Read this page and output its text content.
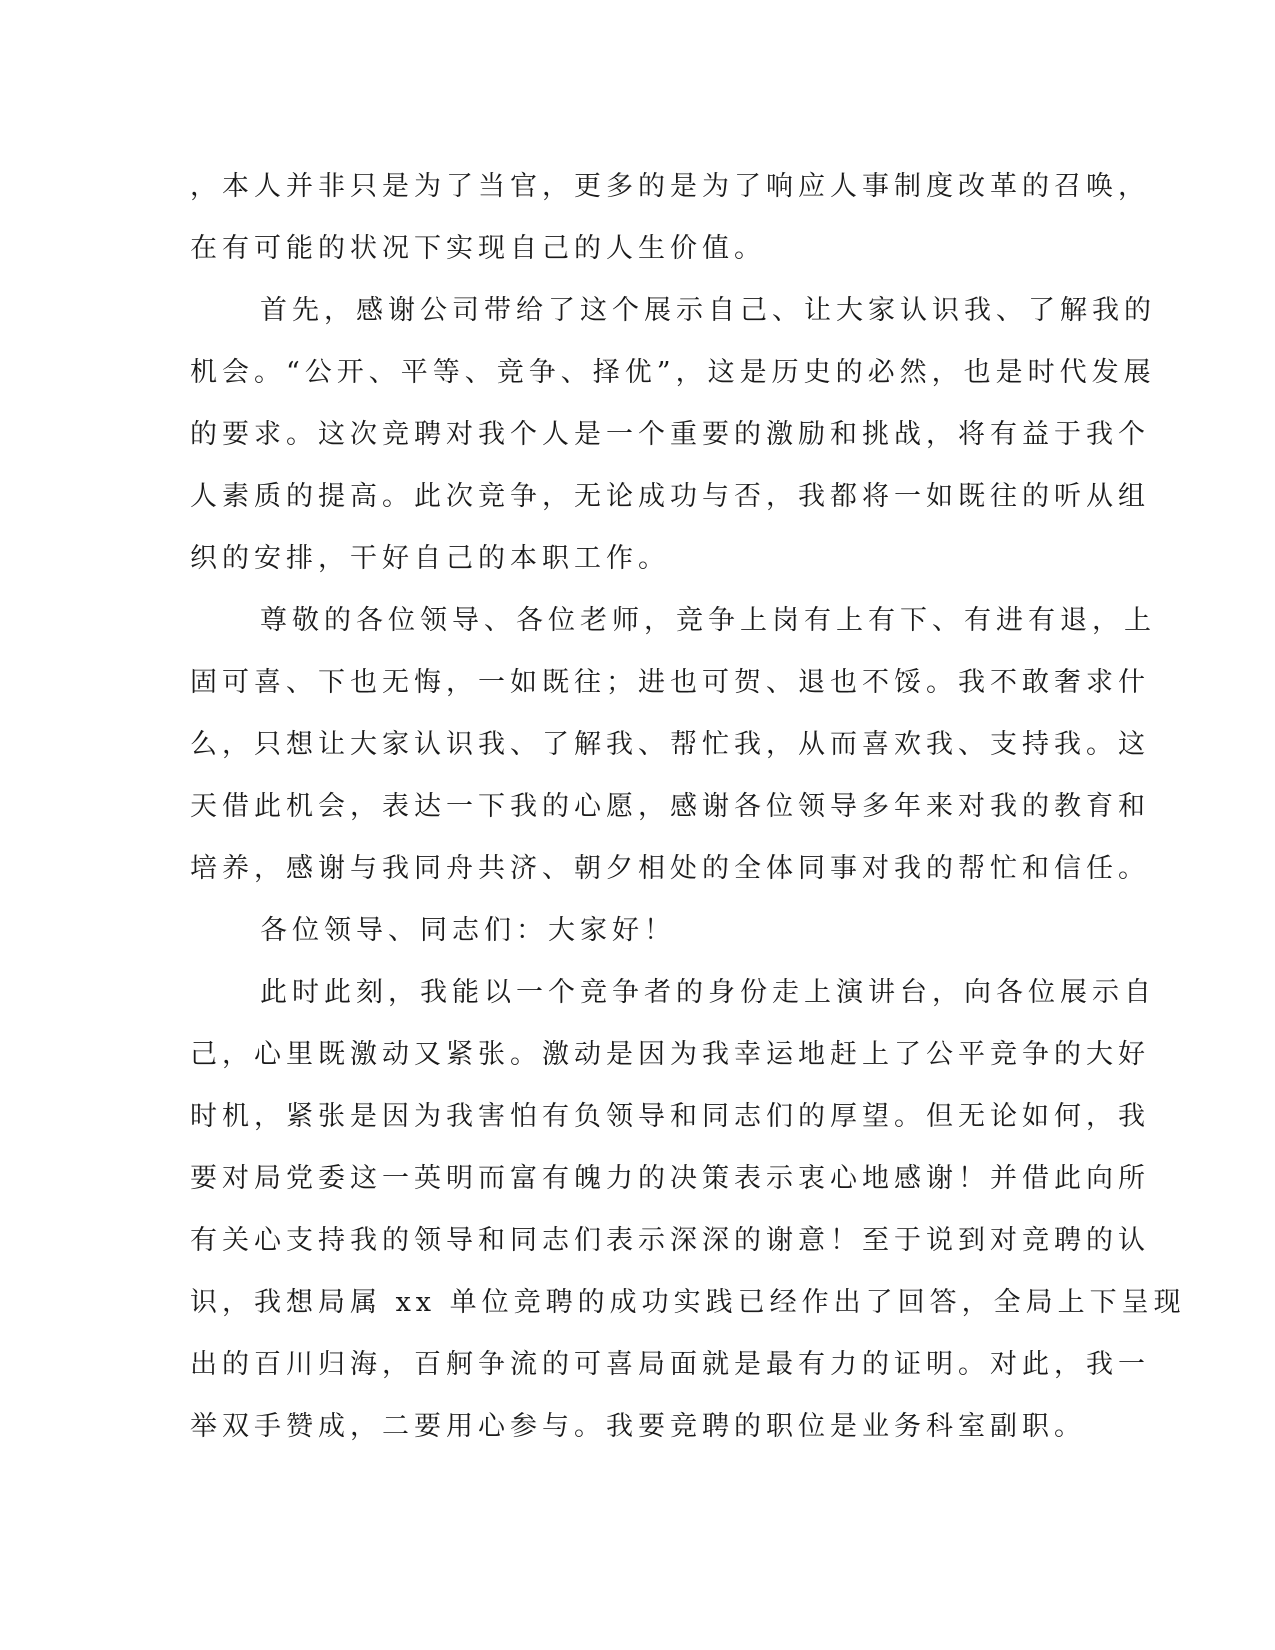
，本人并非只是为了当官，更多的是为了响应人事制度改革的召唤，
在有可能的状况下实现自己的人生价值。
首先，感谢公司带给了这个展示自己、让大家认识我、了解我的
机会。“公开、平等、竞争、择优”，这是历史的必然，也是时代发展
的要求。这次竞聘对我个人是一个重要的激励和挑战，将有益于我个
人素质的提高。此次竞争，无论成功与否，我都将一如既往的听从组
织的安排，干好自己的本职工作。
尊敬的各位领导、各位老师，竞争上岗有上有下、有进有退，上
固可喜、下也无悔，一如既往；进也可贺、退也不馁。我不敢奢求什
么，只想让大家认识我、了解我、帮忙我，从而喜欢我、支持我。这
天借此机会，表达一下我的心愿，感谢各位领导多年来对我的教育和
培养，感谢与我同舟共济、朝夕相处的全体同事对我的帮忙和信任。
各位领导、同志们：大家好！
此时此刻，我能以一个竞争者的身份走上演讲台，向各位展示自
己，心里既激动又紧张。激动是因为我幸运地赶上了公平竞争的大好
时机，紧张是因为我害怕有负领导和同志们的厚望。但无论如何，我
要对局党委这一英明而富有魄力的决策表示衷心地感谢！并借此向所
有关心支持我的领导和同志们表示深深的谢意！至于说到对竞聘的认
识，我想局属 xx 单位竞聘的成功实践已经作出了回答，全局上下呈现
出的百川归海，百舸争流的可喜局面就是最有力的证明。对此，我一
举双手赞成，二要用心参与。我要竞聘的职位是业务科室副职。
